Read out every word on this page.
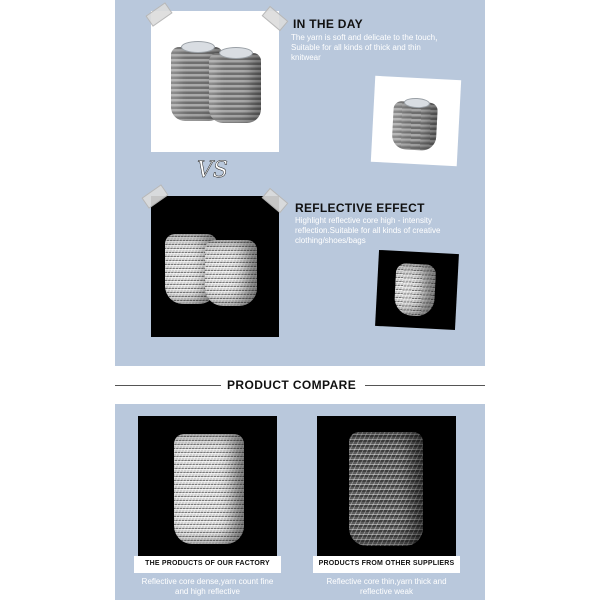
IN THE DAY
The yarn is soft and delicate to the touch， Suitable for all kinds of thick and thin knitwear
VS
REFLECTIVE EFFECT
Highlight reflective core high - intensity reflection.Suitable for all kinds of creative clothing/shoes/bags
PRODUCT COMPARE
THE PRODUCTS OF OUR FACTORY
Reflective core dense,yarn count fine and high reflective
PRODUCTS FROM OTHER SUPPLIERS
Reflective core thin,yarn thick and reflective weak
